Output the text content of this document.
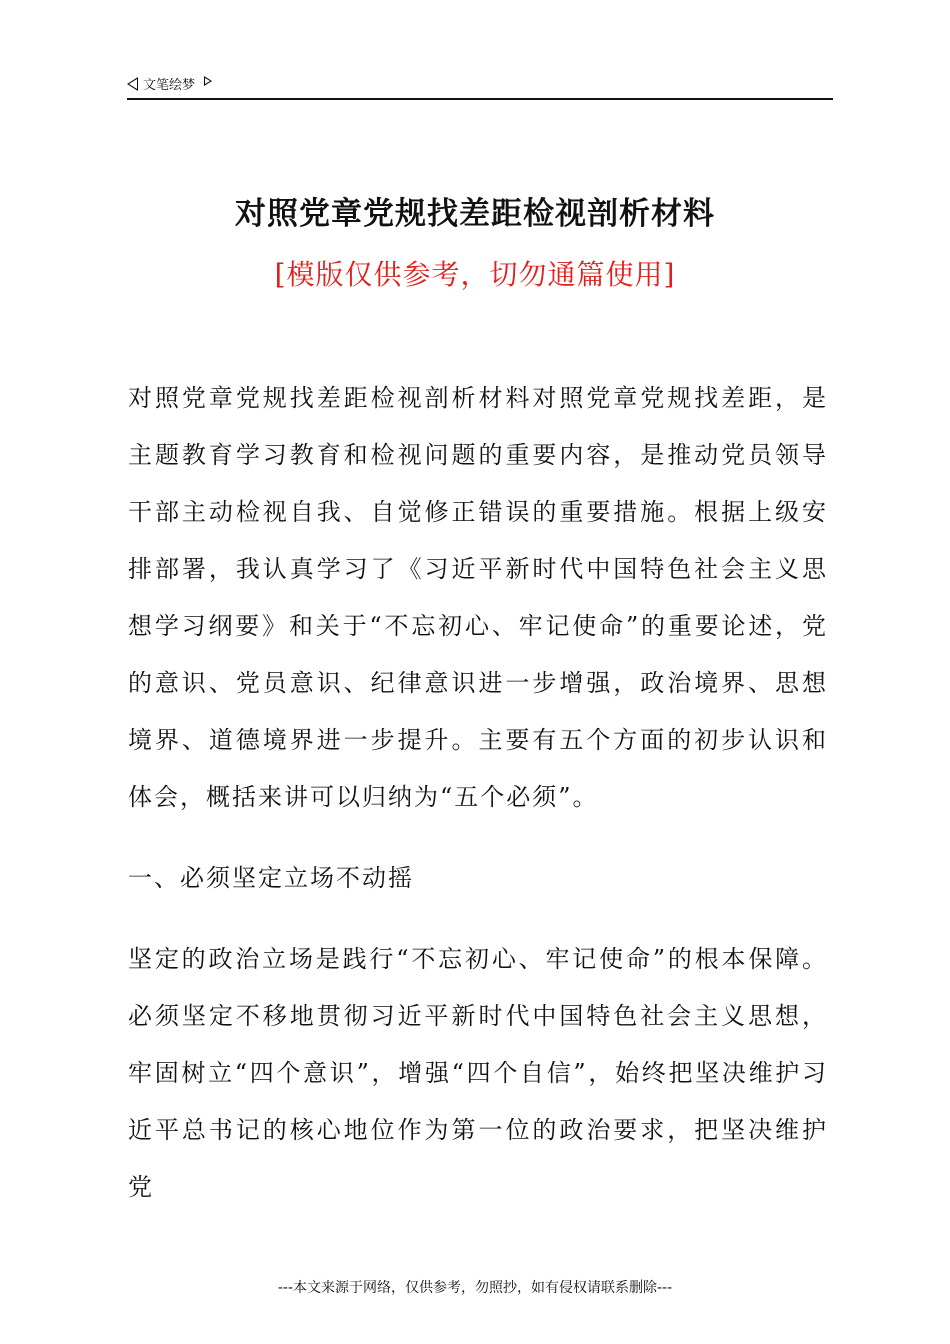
文笔绘梦
对照党章党规找差距检视剖析材料
[模版仅供参考，切勿通篇使用]

对照党章党规找差距检视剖析材料对照党章党规找差距，是主题教育学习教育和检视问题的重要内容，是推动党员领导干部主动检视自我、自觉修正错误的重要措施。根据上级安排部署，我认真学习了《习近平新时代中国特色社会主义思想学习纲要》和关于“不忘初心、牢记使命”的重要论述，党的意识、党员意识、纪律意识进一步增强，政治境界、思想境界、道德境界进一步提升。主要有五个方面的初步认识和体会，概括来讲可以归纳为“五个必须”。

一、必须坚定立场不动摇

坚定的政治立场是践行“不忘初心、牢记使命”的根本保障。必须坚定不移地贯彻习近平新时代中国特色社会主义思想，牢固树立“四个意识”，增强“四个自信”，始终把坚决维护习近平总书记的核心地位作为第一位的政治要求，把坚决维护党

---本文来源于网络，仅供参考，勿照抄，如有侵权请联系删除---
